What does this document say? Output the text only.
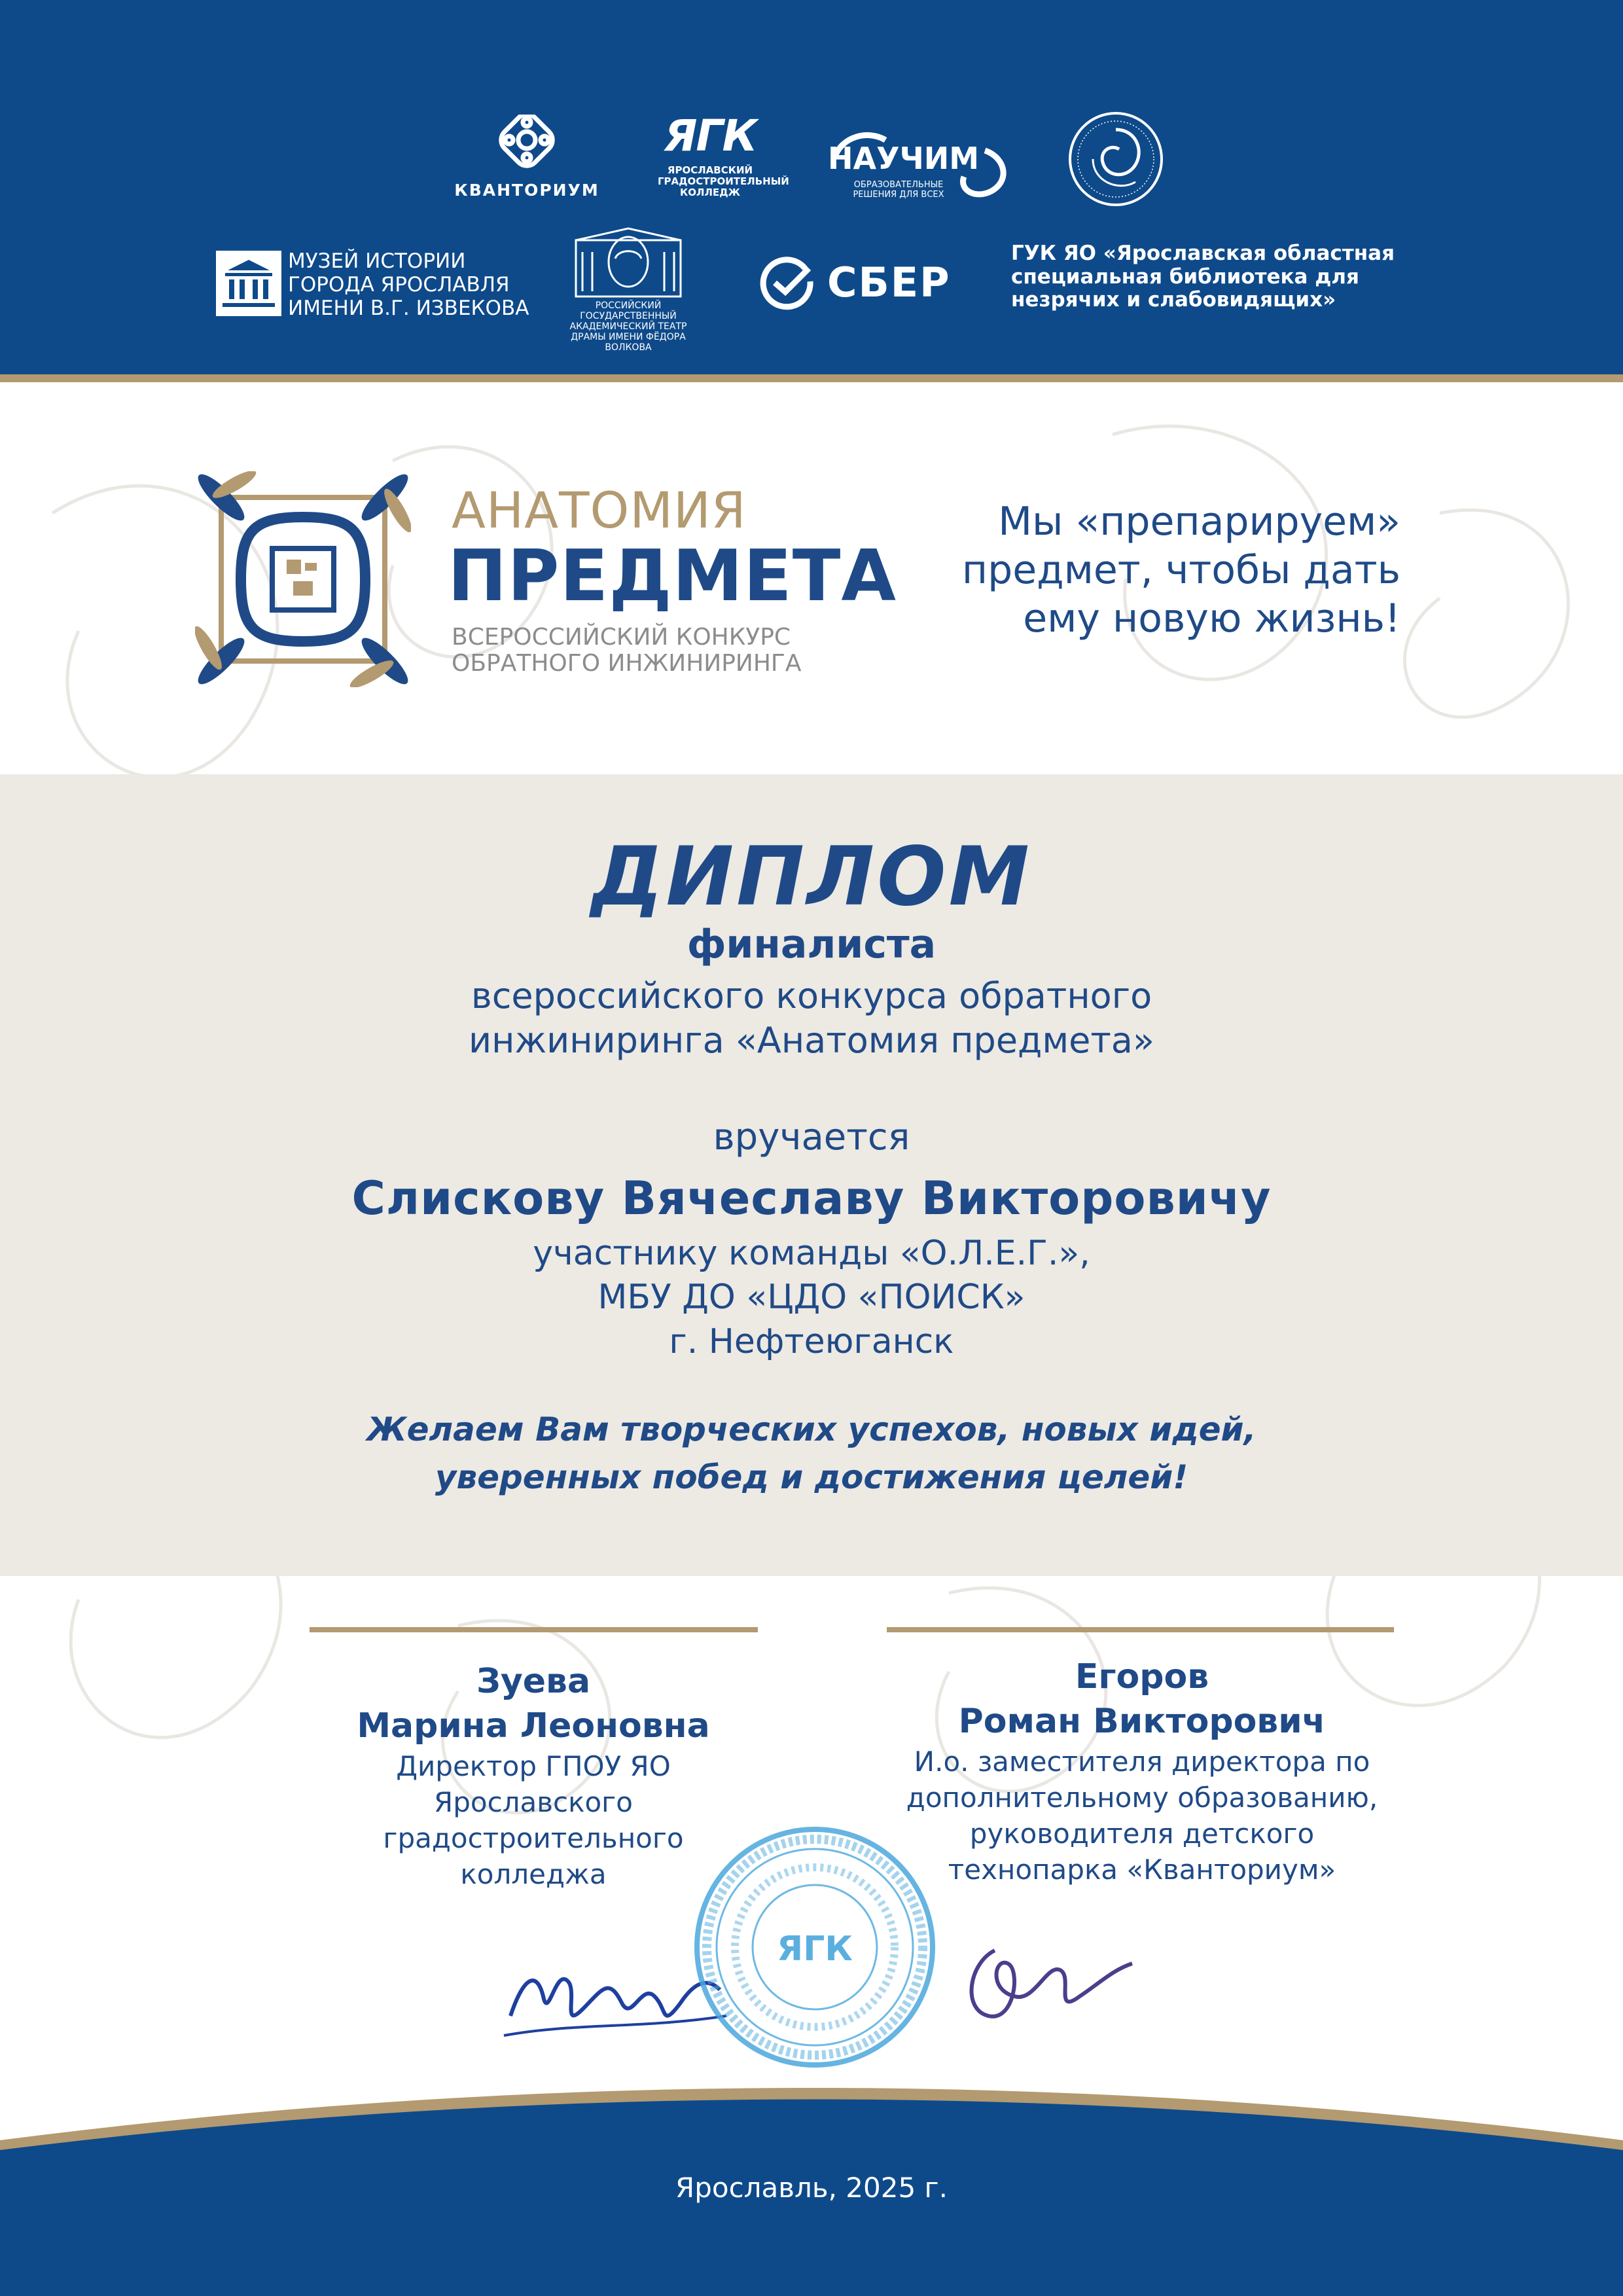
КВАНТОРИУМ
ЯГК
ЯРОСЛАВСКИЙ ГРАДОСТРОИТЕЛЬНЫЙ КОЛЛЕДЖ
НАУЧИМ
ОБРАЗОВАТЕЛЬНЫЕ РЕШЕНИЯ ДЛЯ ВСЕХ
МУЗЕЙ ИСТОРИИ
ГОРОДА ЯРОСЛАВЛЯ
ИМЕНИ В.Г. ИЗВЕКОВА	РОССИЙСКИЙ ГОСУДАРСТВЕННЫЙ АКАДЕМИЧЕСКИЙ ТЕАТР ДРАМЫ ИМЕНИ ФЁДОРА ВОЛКОВА
СБЕР
ГУК ЯО «Ярославская областная
специальная библиотека для
незрячих и слабовидящих»
АНАТОМИЯ
ПРЕДМЕТА
ВСЕРОССИЙСКИЙ КОНКУРС
ОБРАТНОГО ИНЖИНИРИНГА
Мы «препарируем»
предмет, чтобы дать
ему новую жизнь!
ДИПЛОМ
финалиста
всероссийского конкурса обратного
инжиниринга «Анатомия предмета»
вручается
Слискову Вячеславу Викторовичу
участнику команды «О.Л.Е.Г.»,
МБУ ДО «ЦДО «ПОИСК»
г. Нефтеюганск
Желаем Вам творческих успехов, новых идей,
уверенных побед и достижения целей!
Зуева
Марина Леоновна
Директор ГПОУ ЯО
Ярославского
градостроительного
колледжа
Егоров
Роман Викторович
И.о. заместителя директора по
дополнительному образованию,
руководителя детского
технопарка «Кванториум»
ЯГК
Ярославль, 2025 г.
